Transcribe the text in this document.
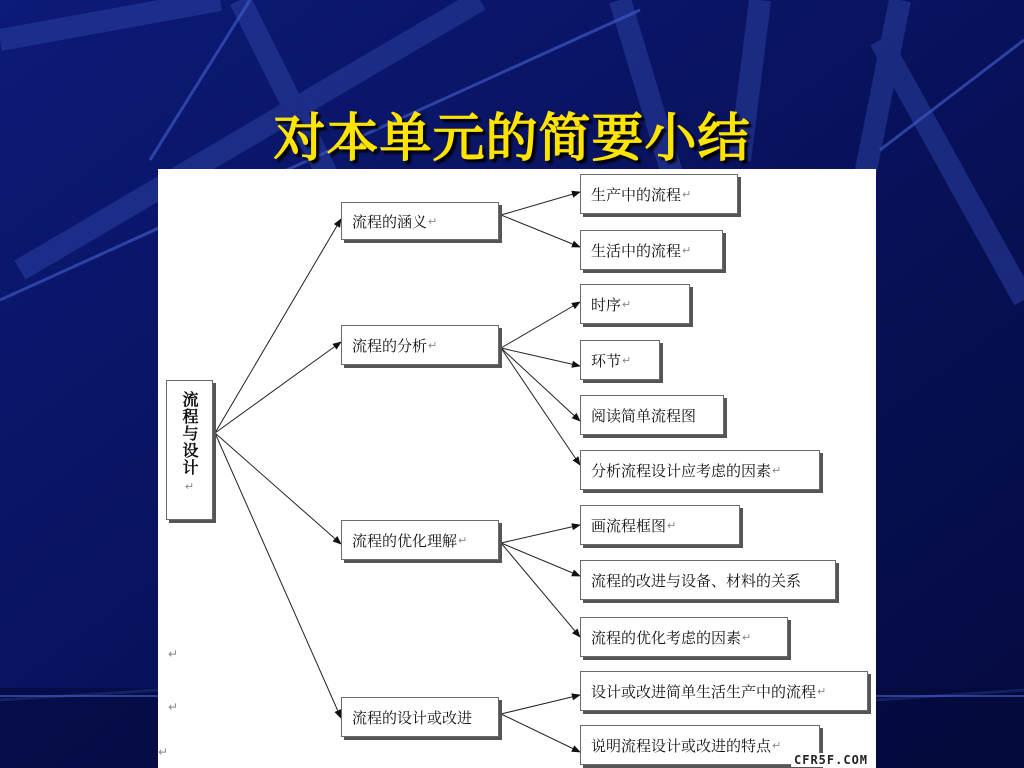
对本单元的简要小结
流程与设计
↵
流程的涵义 ↵
流程的分析 ↵
流程的优化理解 ↵
流程的设计或改进
生产中的流程 ↵
生活中的流程 ↵
时序 ↵
环节 ↵
阅读简单流程图
分析流程设计应考虑的因素 ↵
画流程框图 ↵
流程的改进与设备、材料的关系
流程的优化考虑的因素 ↵
设计或改进简单生活生产中的流程 ↵
说明流程设计或改进的特点 ↵
↵
↵
↵
CFR5F.COM
